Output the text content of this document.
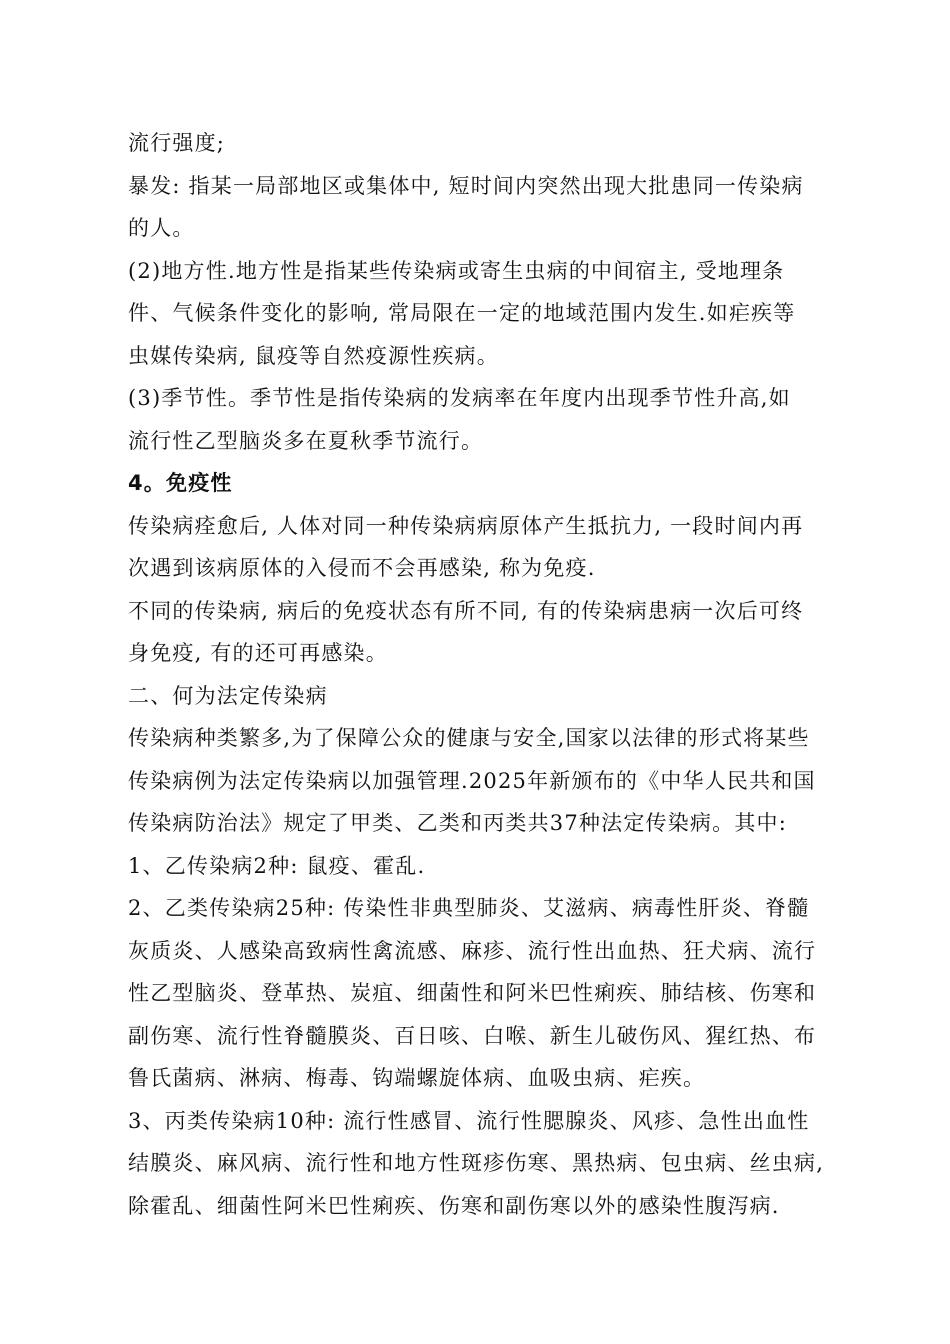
流行强度;
暴发: 指某一局部地区或集体中, 短时间内突然出现大批患同一传染病
的人。
(2)地方性.地方性是指某些传染病或寄生虫病的中间宿主, 受地理条
件、气候条件变化的影响, 常局限在一定的地域范围内发生.如疟疾等
虫媒传染病, 鼠疫等自然疫源性疾病。
(3)季节性。季节性是指传染病的发病率在年度内出现季节性升高,如
流行性乙型脑炎多在夏秋季节流行。
4。免疫性
传染病痊愈后, 人体对同一种传染病病原体产生抵抗力, 一段时间内再
次遇到该病原体的入侵而不会再感染, 称为免疫.
不同的传染病, 病后的免疫状态有所不同, 有的传染病患病一次后可终
身免疫, 有的还可再感染。
二、何为法定传染病
传染病种类繁多,为了保障公众的健康与安全,国家以法律的形式将某些
传染病例为法定传染病以加强管理.2025年新颁布的《中华人民共和国
传染病防治法》规定了甲类、乙类和丙类共37种法定传染病。其中:
1、乙传染病2种: 鼠疫、霍乱.
2、乙类传染病25种: 传染性非典型肺炎、艾滋病、病毒性肝炎、脊髓
灰质炎、人感染高致病性禽流感、麻疹、流行性出血热、狂犬病、流行
性乙型脑炎、登革热、炭疽、细菌性和阿米巴性痢疾、肺结核、伤寒和
副伤寒、流行性脊髓膜炎、百日咳、白喉、新生儿破伤风、猩红热、布
鲁氏菌病、淋病、梅毒、钩端螺旋体病、血吸虫病、疟疾。
3、丙类传染病10种: 流行性感冒、流行性腮腺炎、风疹、急性出血性
结膜炎、麻风病、流行性和地方性斑疹伤寒、黑热病、包虫病、丝虫病,
除霍乱、细菌性阿米巴性痢疾、伤寒和副伤寒以外的感染性腹泻病.
